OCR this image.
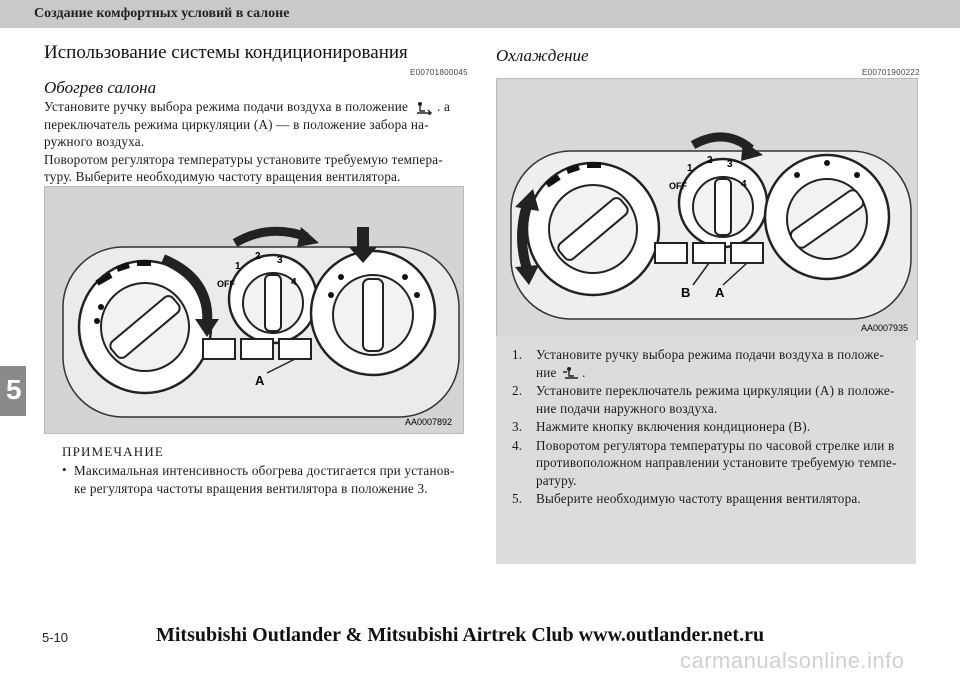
Создание комфортных условий в салоне
5
Использование системы кондиционирования
E00701800045
Обогрев салона
Установите ручку выбора режима подачи воздуха в положение . а
переключатель режима циркуляции (A) — в положение забора на-
ружного воздуха.
Поворотом регулятора температуры установите требуемую темпера-
туру. Выберите необходимую частоту вращения вентилятора.
OFF
1
2 3
4
A
AA0007892
ПРИМЕЧАНИЕ
• Максимальная интенсивность обогрева достигается при установ-
ке регулятора частоты вращения вентилятора в положение 3.
Охлаждение
E00701900222
OFF
1
2 3
4
B A
AA0007935
1. Установите ручку выбора режима подачи воздуха в положе-
ние .
2. Установите переключатель режима циркуляции (A) в положе-
ние подачи наружного воздуха.
3. Нажмите кнопку включения кондиционера (B).
4. Поворотом регулятора температуры по часовой стрелке или в
противоположном направлении установите требуемую темпе-
ратуру.
5. Выберите необходимую частоту вращения вентилятора.
5-10	Mitsubishi Outlander & Mitsubishi Airtrek Club www.outlander.net.ru
carmanualsonline.info
